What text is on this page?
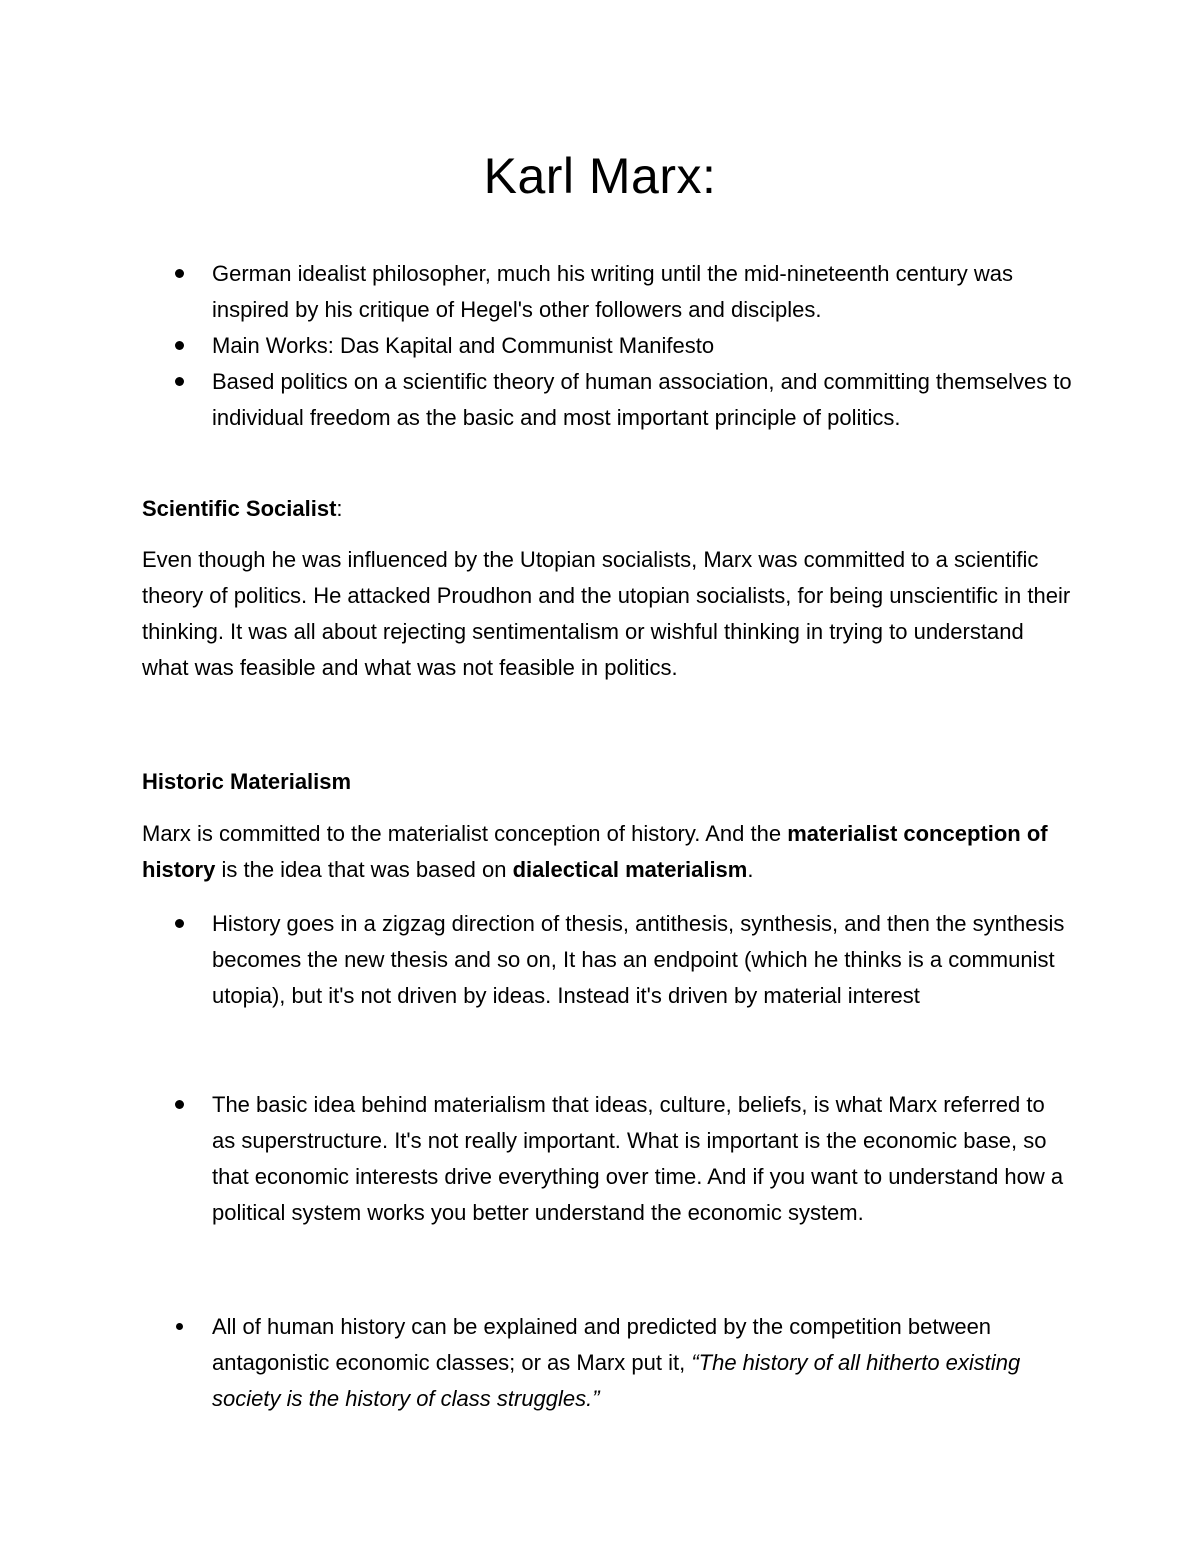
Karl Marx:
German idealist philosopher, much his writing until the mid-nineteenth century was inspired by his critique of Hegel's other followers and disciples.
Main Works: Das Kapital and Communist Manifesto
Based politics on a scientific theory of human association, and committing themselves to individual freedom as the basic and most important principle of politics.
Scientific Socialist:
Even though he was influenced by the Utopian socialists, Marx was committed to a scientific theory of politics. He attacked Proudhon and the utopian socialists, for being unscientific in their thinking. It was all about rejecting sentimentalism or wishful thinking in trying to understand what was feasible and what was not feasible in politics.
Historic Materialism
Marx is committed to the materialist conception of history. And the materialist conception of history is the idea that was based on dialectical materialism.
History goes in a zigzag direction of thesis, antithesis, synthesis, and then the synthesis becomes the new thesis and so on, It has an endpoint (which he thinks is a communist utopia), but it's not driven by ideas. Instead it's driven by material interest
The basic idea behind materialism that ideas, culture, beliefs, is what Marx referred to as superstructure. It's not really important. What is important is the economic base, so that economic interests drive everything over time. And if you want to understand how a political system works you better understand the economic system.
All of human history can be explained and predicted by the competition between antagonistic economic classes; or as Marx put it, “The history of all hitherto existing society is the history of class struggles.”
